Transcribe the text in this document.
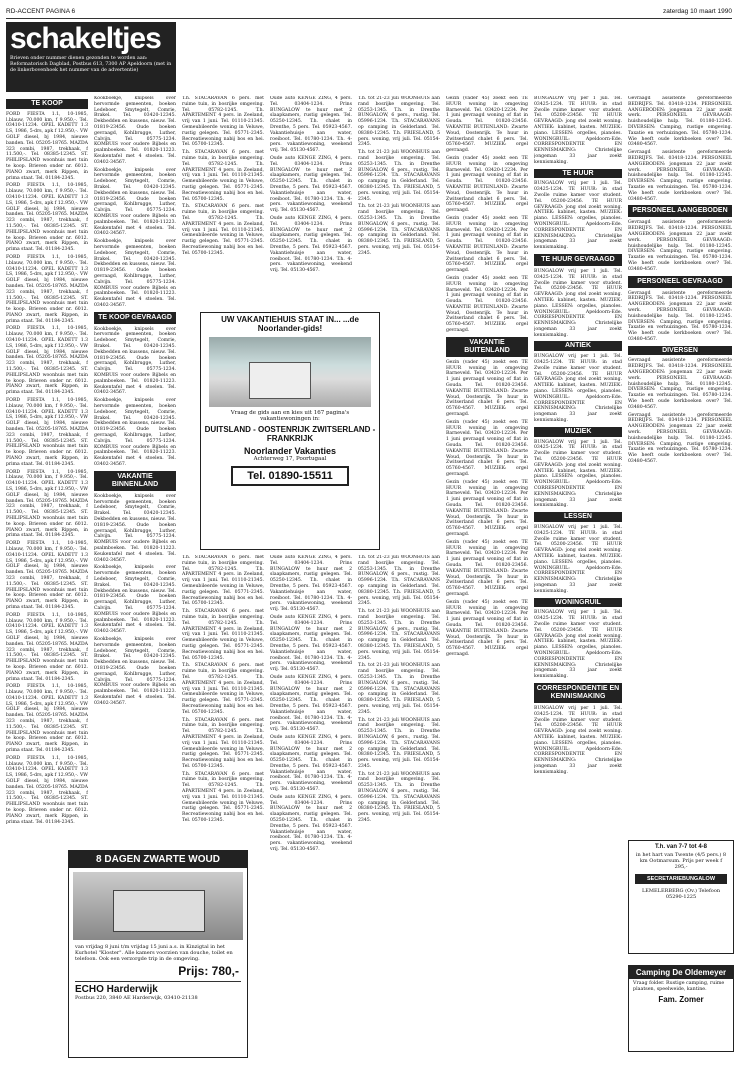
RD-ACCENT PAGINA 6	zaterdag 10 maart 1990
schakeltjes
Brieven onder nummer dienen gezonden te worden aan: Reformatorisch Dagblad, Postbus 613, 7300 AP Apeldoorn (met in de linkerbovenhoek het nummer van de advertentie)
TE KOOP

FORD FIESTA 1.1, 10-1985, l.blauw, 70.000 km, f 9.950,-. Tel. 03410-11234. OPEL KADETT 1.3 LS, 1986, 5-drs, apk f 12.950,-. VW GOLF diesel, bj 1984, nieuwe banden. Tel. 05205-18765. MAZDA 323 combi, 1987, trekhaak, f 11.500,-. Tel. 08385-12345. ST. PHILIPSLAND woonhuis met tuin te koop. Brieven onder nr. 6012. PIANO zwart, merk Rippen, in prima staat. Tel. 01184-2345.

FORD FIESTA 1.1, 10-1985, l.blauw, 70.000 km, f 9.950,-. Tel. 03410-11234. OPEL KADETT 1.3 LS, 1986, 5-drs, apk f 12.950,-. VW GOLF diesel, bj 1984, nieuwe banden. Tel. 05205-18765. MAZDA 323 combi, 1987, trekhaak, f 11.500,-. Tel. 08385-12345. ST. PHILIPSLAND woonhuis met tuin te koop. Brieven onder nr. 6012. PIANO zwart, merk Rippen, in prima staat. Tel. 01184-2345.

FORD FIESTA 1.1, 10-1985, l.blauw, 70.000 km, f 9.950,-. Tel. 03410-11234. OPEL KADETT 1.3 LS, 1986, 5-drs, apk f 12.950,-. VW GOLF diesel, bj 1984, nieuwe banden. Tel. 05205-18765. MAZDA 323 combi, 1987, trekhaak, f 11.500,-. Tel. 08385-12345. ST. PHILIPSLAND woonhuis met tuin te koop. Brieven onder nr. 6012. PIANO zwart, merk Rippen, in prima staat. Tel. 01184-2345.

FORD FIESTA 1.1, 10-1985, l.blauw, 70.000 km, f 9.950,-. Tel. 03410-11234. OPEL KADETT 1.3 LS, 1986, 5-drs, apk f 12.950,-. VW GOLF diesel, bj 1984, nieuwe banden. Tel. 05205-18765. MAZDA 323 combi, 1987, trekhaak, f 11.500,-. Tel. 08385-12345. ST. PHILIPSLAND woonhuis met tuin te koop. Brieven onder nr. 6012. PIANO zwart, merk Rippen, in prima staat. Tel. 01184-2345.

FORD FIESTA 1.1, 10-1985, l.blauw, 70.000 km, f 9.950,-. Tel. 03410-11234. OPEL KADETT 1.3 LS, 1986, 5-drs, apk f 12.950,-. VW GOLF diesel, bj 1984, nieuwe banden. Tel. 05205-18765. MAZDA 323 combi, 1987, trekhaak, f 11.500,-. Tel. 08385-12345. ST. PHILIPSLAND woonhuis met tuin te koop. Brieven onder nr. 6012. PIANO zwart, merk Rippen, in prima staat. Tel. 01184-2345.

FORD FIESTA 1.1, 10-1985, l.blauw, 70.000 km, f 9.950,-. Tel. 03410-11234. OPEL KADETT 1.3 LS, 1986, 5-drs, apk f 12.950,-. VW GOLF diesel, bj 1984, nieuwe banden. Tel. 05205-18765. MAZDA 323 combi, 1987, trekhaak, f 11.500,-. Tel. 08385-12345. ST. PHILIPSLAND woonhuis met tuin te koop. Brieven onder nr. 6012. PIANO zwart, merk Rippen, in prima staat. Tel. 01184-2345.

FORD FIESTA 1.1, 10-1985, l.blauw, 70.000 km, f 9.950,-. Tel. 03410-11234. OPEL KADETT 1.3 LS, 1986, 5-drs, apk f 12.950,-. VW GOLF diesel, bj 1984, nieuwe banden. Tel. 05205-18765. MAZDA 323 combi, 1987, trekhaak, f 11.500,-. Tel. 08385-12345. ST. PHILIPSLAND woonhuis met tuin te koop. Brieven onder nr. 6012. PIANO zwart, merk Rippen, in prima staat. Tel. 01184-2345.

FORD FIESTA 1.1, 10-1985, l.blauw, 70.000 km, f 9.950,-. Tel. 03410-11234. OPEL KADETT 1.3 LS, 1986, 5-drs, apk f 12.950,-. VW GOLF diesel, bj 1984, nieuwe banden. Tel. 05205-18765. MAZDA 323 combi, 1987, trekhaak, f 11.500,-. Tel. 08385-12345. ST. PHILIPSLAND woonhuis met tuin te koop. Brieven onder nr. 6012. PIANO zwart, merk Rippen, in prima staat. Tel. 01184-2345.

FORD FIESTA 1.1, 10-1985, l.blauw, 70.000 km, f 9.950,-. Tel. 03410-11234. OPEL KADETT 1.3 LS, 1986, 5-drs, apk f 12.950,-. VW GOLF diesel, bj 1984, nieuwe banden. Tel. 05205-18765. MAZDA 323 combi, 1987, trekhaak, f 11.500,-. Tel. 08385-12345. ST. PHILIPSLAND woonhuis met tuin te koop. Brieven onder nr. 6012. PIANO zwart, merk Rippen, in prima staat. Tel. 01184-2345.

FORD FIESTA 1.1, 10-1985, l.blauw, 70.000 km, f 9.950,-. Tel. 03410-11234. OPEL KADETT 1.3 LS, 1986, 5-drs, apk f 12.950,-. VW GOLF diesel, bj 1984, nieuwe banden. Tel. 05205-18765. MAZDA 323 combi, 1987, trekhaak, f 11.500,-. Tel. 08385-12345. ST. PHILIPSLAND woonhuis met tuin te koop. Brieven onder nr. 6012. PIANO zwart, merk Rippen, in prima staat. Tel. 01184-2345.

Kookboekje, knipsels over hervormde gemeenten, boeken Ledeboer, Smytegelt, Comrie, Brakel. Tel. 03420-12345. Dekbedden en kussens, nieuw. Tel. 01819-23456. Oude boeken gevraagd, Kohlbrugge, Luther, Calvijn. Tel. 05775-1234. KOMBUIS voor oudere Bijbels en psalmboeken. Tel. 01820-11223. Keukentafel met 4 stoelen. Tel. 03402-34567.

Kookboekje, knipsels over hervormde gemeenten, boeken Ledeboer, Smytegelt, Comrie, Brakel. Tel. 03420-12345. Dekbedden en kussens, nieuw. Tel. 01819-23456. Oude boeken gevraagd, Kohlbrugge, Luther, Calvijn. Tel. 05775-1234. KOMBUIS voor oudere Bijbels en psalmboeken. Tel. 01820-11223. Keukentafel met 4 stoelen. Tel. 03402-34567.

Kookboekje, knipsels over hervormde gemeenten, boeken Ledeboer, Smytegelt, Comrie, Brakel. Tel. 03420-12345. Dekbedden en kussens, nieuw. Tel. 01819-23456. Oude boeken gevraagd, Kohlbrugge, Luther, Calvijn. Tel. 05775-1234. KOMBUIS voor oudere Bijbels en psalmboeken. Tel. 01820-11223. Keukentafel met 4 stoelen. Tel. 03402-34567.

TE KOOP GEVRAAGD

Kookboekje, knipsels over hervormde gemeenten, boeken Ledeboer, Smytegelt, Comrie, Brakel. Tel. 03420-12345. Dekbedden en kussens, nieuw. Tel. 01819-23456. Oude boeken gevraagd, Kohlbrugge, Luther, Calvijn. Tel. 05775-1234. KOMBUIS voor oudere Bijbels en psalmboeken. Tel. 01820-11223. Keukentafel met 4 stoelen. Tel. 03402-34567.

Kookboekje, knipsels over hervormde gemeenten, boeken Ledeboer, Smytegelt, Comrie, Brakel. Tel. 03420-12345. Dekbedden en kussens, nieuw. Tel. 01819-23456. Oude boeken gevraagd, Kohlbrugge, Luther, Calvijn. Tel. 05775-1234. KOMBUIS voor oudere Bijbels en psalmboeken. Tel. 01820-11223. Keukentafel met 4 stoelen. Tel. 03402-34567.

VAKANTIE BINNENLAND

Kookboekje, knipsels over hervormde gemeenten, boeken Ledeboer, Smytegelt, Comrie, Brakel. Tel. 03420-12345. Dekbedden en kussens, nieuw. Tel. 01819-23456. Oude boeken gevraagd, Kohlbrugge, Luther, Calvijn. Tel. 05775-1234. KOMBUIS voor oudere Bijbels en psalmboeken. Tel. 01820-11223. Keukentafel met 4 stoelen. Tel. 03402-34567.

Kookboekje, knipsels over hervormde gemeenten, boeken Ledeboer, Smytegelt, Comrie, Brakel. Tel. 03420-12345. Dekbedden en kussens, nieuw. Tel. 01819-23456. Oude boeken gevraagd, Kohlbrugge, Luther, Calvijn. Tel. 05775-1234. KOMBUIS voor oudere Bijbels en psalmboeken. Tel. 01820-11223. Keukentafel met 4 stoelen. Tel. 03402-34567.

Kookboekje, knipsels over hervormde gemeenten, boeken Ledeboer, Smytegelt, Comrie, Brakel. Tel. 03420-12345. Dekbedden en kussens, nieuw. Tel. 01819-23456. Oude boeken gevraagd, Kohlbrugge, Luther, Calvijn. Tel. 05775-1234. KOMBUIS voor oudere Bijbels en psalmboeken. Tel. 01820-11223. Keukentafel met 4 stoelen. Tel. 03402-34567.

T.h. STACARAVAN 6 pers. met ruime tuin, in bosrijke omgeving. Tel. 05782-1245. T.h. APARTEMENT 4 pers. in Zeeland, vrij van 1 juni. Tel. 01110-21345. Gemeubileerde woning in Veluwe, rustig gelegen. Tel. 05771-2345. Recreatiewoning nabij bos en hei. Tel. 05700-12345.

T.h. STACARAVAN 6 pers. met ruime tuin, in bosrijke omgeving. Tel. 05782-1245. T.h. APARTEMENT 4 pers. in Zeeland, vrij van 1 juni. Tel. 01110-21345. Gemeubileerde woning in Veluwe, rustig gelegen. Tel. 05771-2345. Recreatiewoning nabij bos en hei. Tel. 05700-12345.

T.h. STACARAVAN 6 pers. met ruime tuin, in bosrijke omgeving. Tel. 05782-1245. T.h. APARTEMENT 4 pers. in Zeeland, vrij van 1 juni. Tel. 01110-21345. Gemeubileerde woning in Veluwe, rustig gelegen. Tel. 05771-2345. Recreatiewoning nabij bos en hei. Tel. 05700-12345.

T.h. STACARAVAN 6 pers. met ruime tuin, in bosrijke omgeving. Tel. 05782-1245. T.h. APARTEMENT 4 pers. in Zeeland, vrij van 1 juni. Tel. 01110-21345. Gemeubileerde woning in Veluwe, rustig gelegen. Tel. 05771-2345. Recreatiewoning nabij bos en hei. Tel. 05700-12345.

T.h. STACARAVAN 6 pers. met ruime tuin, in bosrijke omgeving. Tel. 05782-1245. T.h. APARTEMENT 4 pers. in Zeeland, vrij van 1 juni. Tel. 01110-21345. Gemeubileerde woning in Veluwe, rustig gelegen. Tel. 05771-2345. Recreatiewoning nabij bos en hei. Tel. 05700-12345.

T.h. STACARAVAN 6 pers. met ruime tuin, in bosrijke omgeving. Tel. 05782-1245. T.h. APARTEMENT 4 pers. in Zeeland, vrij van 1 juni. Tel. 01110-21345. Gemeubileerde woning in Veluwe, rustig gelegen. Tel. 05771-2345. Recreatiewoning nabij bos en hei. Tel. 05700-12345.

T.h. STACARAVAN 6 pers. met ruime tuin, in bosrijke omgeving. Tel. 05782-1245. T.h. APARTEMENT 4 pers. in Zeeland, vrij van 1 juni. Tel. 01110-21345. Gemeubileerde woning in Veluwe, rustig gelegen. Tel. 05771-2345. Recreatiewoning nabij bos en hei. Tel. 05700-12345.

T.h. STACARAVAN 6 pers. met ruime tuin, in bosrijke omgeving. Tel. 05782-1245. T.h. APARTEMENT 4 pers. in Zeeland, vrij van 1 juni. Tel. 01110-21345. Gemeubileerde woning in Veluwe, rustig gelegen. Tel. 05771-2345. Recreatiewoning nabij bos en hei. Tel. 05700-12345.

Oude auto KENGE ZING, 4 pers. Tel. 03404-1234. Prins BUNGALOW te huur met 2 slaapkamers, rustig gelegen. Tel. 05250-12345. T.h. chalet in Drenthe, 5 pers. Tel. 05923-4567. Vakantiehuisje aan water, roeiboot. Tel. 01780-1234. T.h. 4-pers. vakantiewoning, weekend vrij. Tel. 05130-4567.

Oude auto KENGE ZING, 4 pers. Tel. 03404-1234. Prins BUNGALOW te huur met 2 slaapkamers, rustig gelegen. Tel. 05250-12345. T.h. chalet in Drenthe, 5 pers. Tel. 05923-4567. Vakantiehuisje aan water, roeiboot. Tel. 01780-1234. T.h. 4-pers. vakantiewoning, weekend vrij. Tel. 05130-4567.

Oude auto KENGE ZING, 4 pers. Tel. 03404-1234. Prins BUNGALOW te huur met 2 slaapkamers, rustig gelegen. Tel. 05250-12345. T.h. chalet in Drenthe, 5 pers. Tel. 05923-4567. Vakantiehuisje aan water, roeiboot. Tel. 01780-1234. T.h. 4-pers. vakantiewoning, weekend vrij. Tel. 05130-4567.

Oude auto KENGE ZING, 4 pers. Tel. 03404-1234. Prins BUNGALOW te huur met 2 slaapkamers, rustig gelegen. Tel. 05250-12345. T.h. chalet in Drenthe, 5 pers. Tel. 05923-4567. Vakantiehuisje aan water, roeiboot. Tel. 01780-1234. T.h. 4-pers. vakantiewoning, weekend vrij. Tel. 05130-4567.

Oude auto KENGE ZING, 4 pers. Tel. 03404-1234. Prins BUNGALOW te huur met 2 slaapkamers, rustig gelegen. Tel. 05250-12345. T.h. chalet in Drenthe, 5 pers. Tel. 05923-4567. Vakantiehuisje aan water, roeiboot. Tel. 01780-1234. T.h. 4-pers. vakantiewoning, weekend vrij. Tel. 05130-4567.

Oude auto KENGE ZING, 4 pers. Tel. 03404-1234. Prins BUNGALOW te huur met 2 slaapkamers, rustig gelegen. Tel. 05250-12345. T.h. chalet in Drenthe, 5 pers. Tel. 05923-4567. Vakantiehuisje aan water, roeiboot. Tel. 01780-1234. T.h. 4-pers. vakantiewoning, weekend vrij. Tel. 05130-4567.

Oude auto KENGE ZING, 4 pers. Tel. 03404-1234. Prins BUNGALOW te huur met 2 slaapkamers, rustig gelegen. Tel. 05250-12345. T.h. chalet in Drenthe, 5 pers. Tel. 05923-4567. Vakantiehuisje aan water, roeiboot. Tel. 01780-1234. T.h. 4-pers. vakantiewoning, weekend vrij. Tel. 05130-4567.

Oude auto KENGE ZING, 4 pers. Tel. 03404-1234. Prins BUNGALOW te huur met 2 slaapkamers, rustig gelegen. Tel. 05250-12345. T.h. chalet in Drenthe, 5 pers. Tel. 05923-4567. Vakantiehuisje aan water, roeiboot. Tel. 01780-1234. T.h. 4-pers. vakantiewoning, weekend vrij. Tel. 05130-4567.

T.h. tot 21-23 juli WOONHUIS aan rand bosrijke omgeving. Tel. 05253-1345. T.h. in Drenthe BUNGALOW, 6 pers., rustig. Tel. 05996-1234. T.h. STACARAVANS op camping in Gelderland. Tel. 08380-12345. T.h. FRIESLAND, 5 pers. woning, vrij juli. Tel. 05154-2345.

T.h. tot 21-23 juli WOONHUIS aan rand bosrijke omgeving. Tel. 05253-1345. T.h. in Drenthe BUNGALOW, 6 pers., rustig. Tel. 05996-1234. T.h. STACARAVANS op camping in Gelderland. Tel. 08380-12345. T.h. FRIESLAND, 5 pers. woning, vrij juli. Tel. 05154-2345.

T.h. tot 21-23 juli WOONHUIS aan rand bosrijke omgeving. Tel. 05253-1345. T.h. in Drenthe BUNGALOW, 6 pers., rustig. Tel. 05996-1234. T.h. STACARAVANS op camping in Gelderland. Tel. 08380-12345. T.h. FRIESLAND, 5 pers. woning, vrij juli. Tel. 05154-2345.

T.h. tot 21-23 juli WOONHUIS aan rand bosrijke omgeving. Tel. 05253-1345. T.h. in Drenthe BUNGALOW, 6 pers., rustig. Tel. 05996-1234. T.h. STACARAVANS op camping in Gelderland. Tel. 08380-12345. T.h. FRIESLAND, 5 pers. woning, vrij juli. Tel. 05154-2345.

T.h. tot 21-23 juli WOONHUIS aan rand bosrijke omgeving. Tel. 05253-1345. T.h. in Drenthe BUNGALOW, 6 pers., rustig. Tel. 05996-1234. T.h. STACARAVANS op camping in Gelderland. Tel. 08380-12345. T.h. FRIESLAND, 5 pers. woning, vrij juli. Tel. 05154-2345.

T.h. tot 21-23 juli WOONHUIS aan rand bosrijke omgeving. Tel. 05253-1345. T.h. in Drenthe BUNGALOW, 6 pers., rustig. Tel. 05996-1234. T.h. STACARAVANS op camping in Gelderland. Tel. 08380-12345. T.h. FRIESLAND, 5 pers. woning, vrij juli. Tel. 05154-2345.

T.h. tot 21-23 juli WOONHUIS aan rand bosrijke omgeving. Tel. 05253-1345. T.h. in Drenthe BUNGALOW, 6 pers., rustig. Tel. 05996-1234. T.h. STACARAVANS op camping in Gelderland. Tel. 08380-12345. T.h. FRIESLAND, 5 pers. woning, vrij juli. Tel. 05154-2345.

T.h. tot 21-23 juli WOONHUIS aan rand bosrijke omgeving. Tel. 05253-1345. T.h. in Drenthe BUNGALOW, 6 pers., rustig. Tel. 05996-1234. T.h. STACARAVANS op camping in Gelderland. Tel. 08380-12345. T.h. FRIESLAND, 5 pers. woning, vrij juli. Tel. 05154-2345.

Gezin (vader 45) zoekt een TE HUUR woning in omgeving Barneveld. Tel. 03420-12234. Per 1 juni gevraagd woning of flat in Gouda. Tel. 01820-23456. VAKANTIE BUITENLAND: Zwarte Woud, Oostenrijk. Te huur in Zwitserland chalet 6 pers. Tel. 05760-4567. MUZIEK: orgel gevraagd.

Gezin (vader 45) zoekt een TE HUUR woning in omgeving Barneveld. Tel. 03420-12234. Per 1 juni gevraagd woning of flat in Gouda. Tel. 01820-23456. VAKANTIE BUITENLAND: Zwarte Woud, Oostenrijk. Te huur in Zwitserland chalet 6 pers. Tel. 05760-4567. MUZIEK: orgel gevraagd.

Gezin (vader 45) zoekt een TE HUUR woning in omgeving Barneveld. Tel. 03420-12234. Per 1 juni gevraagd woning of flat in Gouda. Tel. 01820-23456. VAKANTIE BUITENLAND: Zwarte Woud, Oostenrijk. Te huur in Zwitserland chalet 6 pers. Tel. 05760-4567. MUZIEK: orgel gevraagd.

Gezin (vader 45) zoekt een TE HUUR woning in omgeving Barneveld. Tel. 03420-12234. Per 1 juni gevraagd woning of flat in Gouda. Tel. 01820-23456. VAKANTIE BUITENLAND: Zwarte Woud, Oostenrijk. Te huur in Zwitserland chalet 6 pers. Tel. 05760-4567. MUZIEK: orgel gevraagd.

VAKANTIE BUITENLAND

Gezin (vader 45) zoekt een TE HUUR woning in omgeving Barneveld. Tel. 03420-12234. Per 1 juni gevraagd woning of flat in Gouda. Tel. 01820-23456. VAKANTIE BUITENLAND: Zwarte Woud, Oostenrijk. Te huur in Zwitserland chalet 6 pers. Tel. 05760-4567. MUZIEK: orgel gevraagd.

Gezin (vader 45) zoekt een TE HUUR woning in omgeving Barneveld. Tel. 03420-12234. Per 1 juni gevraagd woning of flat in Gouda. Tel. 01820-23456. VAKANTIE BUITENLAND: Zwarte Woud, Oostenrijk. Te huur in Zwitserland chalet 6 pers. Tel. 05760-4567. MUZIEK: orgel gevraagd.

Gezin (vader 45) zoekt een TE HUUR woning in omgeving Barneveld. Tel. 03420-12234. Per 1 juni gevraagd woning of flat in Gouda. Tel. 01820-23456. VAKANTIE BUITENLAND: Zwarte Woud, Oostenrijk. Te huur in Zwitserland chalet 6 pers. Tel. 05760-4567. MUZIEK: orgel gevraagd.

Gezin (vader 45) zoekt een TE HUUR woning in omgeving Barneveld. Tel. 03420-12234. Per 1 juni gevraagd woning of flat in Gouda. Tel. 01820-23456. VAKANTIE BUITENLAND: Zwarte Woud, Oostenrijk. Te huur in Zwitserland chalet 6 pers. Tel. 05760-4567. MUZIEK: orgel gevraagd.

Gezin (vader 45) zoekt een TE HUUR woning in omgeving Barneveld. Tel. 03420-12234. Per 1 juni gevraagd woning of flat in Gouda. Tel. 01820-23456. VAKANTIE BUITENLAND: Zwarte Woud, Oostenrijk. Te huur in Zwitserland chalet 6 pers. Tel. 05760-4567. MUZIEK: orgel gevraagd.

BUNGALOW vrij per 1 juli. Tel. 03425-1234. TE HUUR: in stad Zwolle ruime kamer voor student. Tel. 05200-23456. TE HUUR GEVRAAGD: jong stel zoekt woning. ANTIEK: kabinet, kasten. MUZIEK: piano. LESSEN: orgelles, pianoles. WONINGRUIL: Apeldoorn-Ede. CORRESPONDENTIE EN KENNISMAKING: Christelijke jongeman 33 jaar zoekt kennismaking.

TE HUUR

BUNGALOW vrij per 1 juli. Tel. 03425-1234. TE HUUR: in stad Zwolle ruime kamer voor student. Tel. 05200-23456. TE HUUR GEVRAAGD: jong stel zoekt woning. ANTIEK: kabinet, kasten. MUZIEK: piano. LESSEN: orgelles, pianoles. WONINGRUIL: Apeldoorn-Ede. CORRESPONDENTIE EN KENNISMAKING: Christelijke jongeman 33 jaar zoekt kennismaking.

TE HUUR GEVRAAGD

BUNGALOW vrij per 1 juli. Tel. 03425-1234. TE HUUR: in stad Zwolle ruime kamer voor student. Tel. 05200-23456. TE HUUR GEVRAAGD: jong stel zoekt woning. ANTIEK: kabinet, kasten. MUZIEK: piano. LESSEN: orgelles, pianoles. WONINGRUIL: Apeldoorn-Ede. CORRESPONDENTIE EN KENNISMAKING: Christelijke jongeman 33 jaar zoekt kennismaking.

ANTIEK

BUNGALOW vrij per 1 juli. Tel. 03425-1234. TE HUUR: in stad Zwolle ruime kamer voor student. Tel. 05200-23456. TE HUUR GEVRAAGD: jong stel zoekt woning. ANTIEK: kabinet, kasten. MUZIEK: piano. LESSEN: orgelles, pianoles. WONINGRUIL: Apeldoorn-Ede. CORRESPONDENTIE EN KENNISMAKING: Christelijke jongeman 33 jaar zoekt kennismaking.

MUZIEK

BUNGALOW vrij per 1 juli. Tel. 03425-1234. TE HUUR: in stad Zwolle ruime kamer voor student. Tel. 05200-23456. TE HUUR GEVRAAGD: jong stel zoekt woning. ANTIEK: kabinet, kasten. MUZIEK: piano. LESSEN: orgelles, pianoles. WONINGRUIL: Apeldoorn-Ede. CORRESPONDENTIE EN KENNISMAKING: Christelijke jongeman 33 jaar zoekt kennismaking.

LESSEN

BUNGALOW vrij per 1 juli. Tel. 03425-1234. TE HUUR: in stad Zwolle ruime kamer voor student. Tel. 05200-23456. TE HUUR GEVRAAGD: jong stel zoekt woning. ANTIEK: kabinet, kasten. MUZIEK: piano. LESSEN: orgelles, pianoles. WONINGRUIL: Apeldoorn-Ede. CORRESPONDENTIE EN KENNISMAKING: Christelijke jongeman 33 jaar zoekt kennismaking.

WONINGRUIL

BUNGALOW vrij per 1 juli. Tel. 03425-1234. TE HUUR: in stad Zwolle ruime kamer voor student. Tel. 05200-23456. TE HUUR GEVRAAGD: jong stel zoekt woning. ANTIEK: kabinet, kasten. MUZIEK: piano. LESSEN: orgelles, pianoles. WONINGRUIL: Apeldoorn-Ede. CORRESPONDENTIE EN KENNISMAKING: Christelijke jongeman 33 jaar zoekt kennismaking.

CORRESPONDENTIE EN KENNISMAKING

BUNGALOW vrij per 1 juli. Tel. 03425-1234. TE HUUR: in stad Zwolle ruime kamer voor student. Tel. 05200-23456. TE HUUR GEVRAAGD: jong stel zoekt woning. ANTIEK: kabinet, kasten. MUZIEK: piano. LESSEN: orgelles, pianoles. WONINGRUIL: Apeldoorn-Ede. CORRESPONDENTIE EN KENNISMAKING: Christelijke jongeman 33 jaar zoekt kennismaking.

Gevraagd assistente gereformeerde BEDRIJFS. Tel. 03418-1234. PERSONEEL AANGEBODEN: jongeman 22 jaar zoekt werk. PERSONEEL GEVRAAGD: huishoudelijke hulp. Tel. 01180-12345. DIVERSEN: Camping, rustige omgeving. Taxatie en verhuizingen. Tel. 05780-1234. Wie heeft oude kerkboeken over? Tel. 03480-4567.

Gevraagd assistente gereformeerde BEDRIJFS. Tel. 03418-1234. PERSONEEL AANGEBODEN: jongeman 22 jaar zoekt werk. PERSONEEL GEVRAAGD: huishoudelijke hulp. Tel. 01180-12345. DIVERSEN: Camping, rustige omgeving. Taxatie en verhuizingen. Tel. 05780-1234. Wie heeft oude kerkboeken over? Tel. 03480-4567.

PERSONEEL AANGEBODEN

Gevraagd assistente gereformeerde BEDRIJFS. Tel. 03418-1234. PERSONEEL AANGEBODEN: jongeman 22 jaar zoekt werk. PERSONEEL GEVRAAGD: huishoudelijke hulp. Tel. 01180-12345. DIVERSEN: Camping, rustige omgeving. Taxatie en verhuizingen. Tel. 05780-1234. Wie heeft oude kerkboeken over? Tel. 03480-4567.

PERSONEEL GEVRAAGD

Gevraagd assistente gereformeerde BEDRIJFS. Tel. 03418-1234. PERSONEEL AANGEBODEN: jongeman 22 jaar zoekt werk. PERSONEEL GEVRAAGD: huishoudelijke hulp. Tel. 01180-12345. DIVERSEN: Camping, rustige omgeving. Taxatie en verhuizingen. Tel. 05780-1234. Wie heeft oude kerkboeken over? Tel. 03480-4567.

DIVERSEN

Gevraagd assistente gereformeerde BEDRIJFS. Tel. 03418-1234. PERSONEEL AANGEBODEN: jongeman 22 jaar zoekt werk. PERSONEEL GEVRAAGD: huishoudelijke hulp. Tel. 01180-12345. DIVERSEN: Camping, rustige omgeving. Taxatie en verhuizingen. Tel. 05780-1234. Wie heeft oude kerkboeken over? Tel. 03480-4567.

Gevraagd assistente gereformeerde BEDRIJFS. Tel. 03418-1234. PERSONEEL AANGEBODEN: jongeman 22 jaar zoekt werk. PERSONEEL GEVRAAGD: huishoudelijke hulp. Tel. 01180-12345. DIVERSEN: Camping, rustige omgeving. Taxatie en verhuizingen. Tel. 05780-1234. Wie heeft oude kerkboeken over? Tel. 03480-4567.

UW VAKANTIEHUIS STAAT IN... ...de Noorlander-gids!
Vraag de gids aan en kies uit 167 pagina's vakantiewoningen in:
DUITSLAND - OOSTENRIJK ZWITSERLAND - FRANKRIJK
Noorlander Vakanties
Achterweg 17, Poortugaal
Tel. 01890-15511
8 DAGEN ZWARTE WOUD
van vrijdag 8 juni t/m vrijdag 15 juni a.s. in Kinzigtal in het Kurhotel "Kloster". Alle kamers voorzien van douche, toilet en telefoon. Ook een verzorgde trip in de omgeving.
Prijs: 780,-
ECHO Harderwijk
Postbus 220, 3840 AE Harderwijk, 03410-21138
T.h. van 7-7 tot 4-8
in het hart van Twente (4/5 pers.) 8 km Ootmarsum. Prijs per week f 295,-
SECRETARIEBUNGALOW
LEMELERBERG (Ov.) Telefoon 05290-1225
Camping De Oldemeyer
Vraag folder. Rustige camping, ruime plaatsen, speelweide, kantine.
Fam. Zomer
